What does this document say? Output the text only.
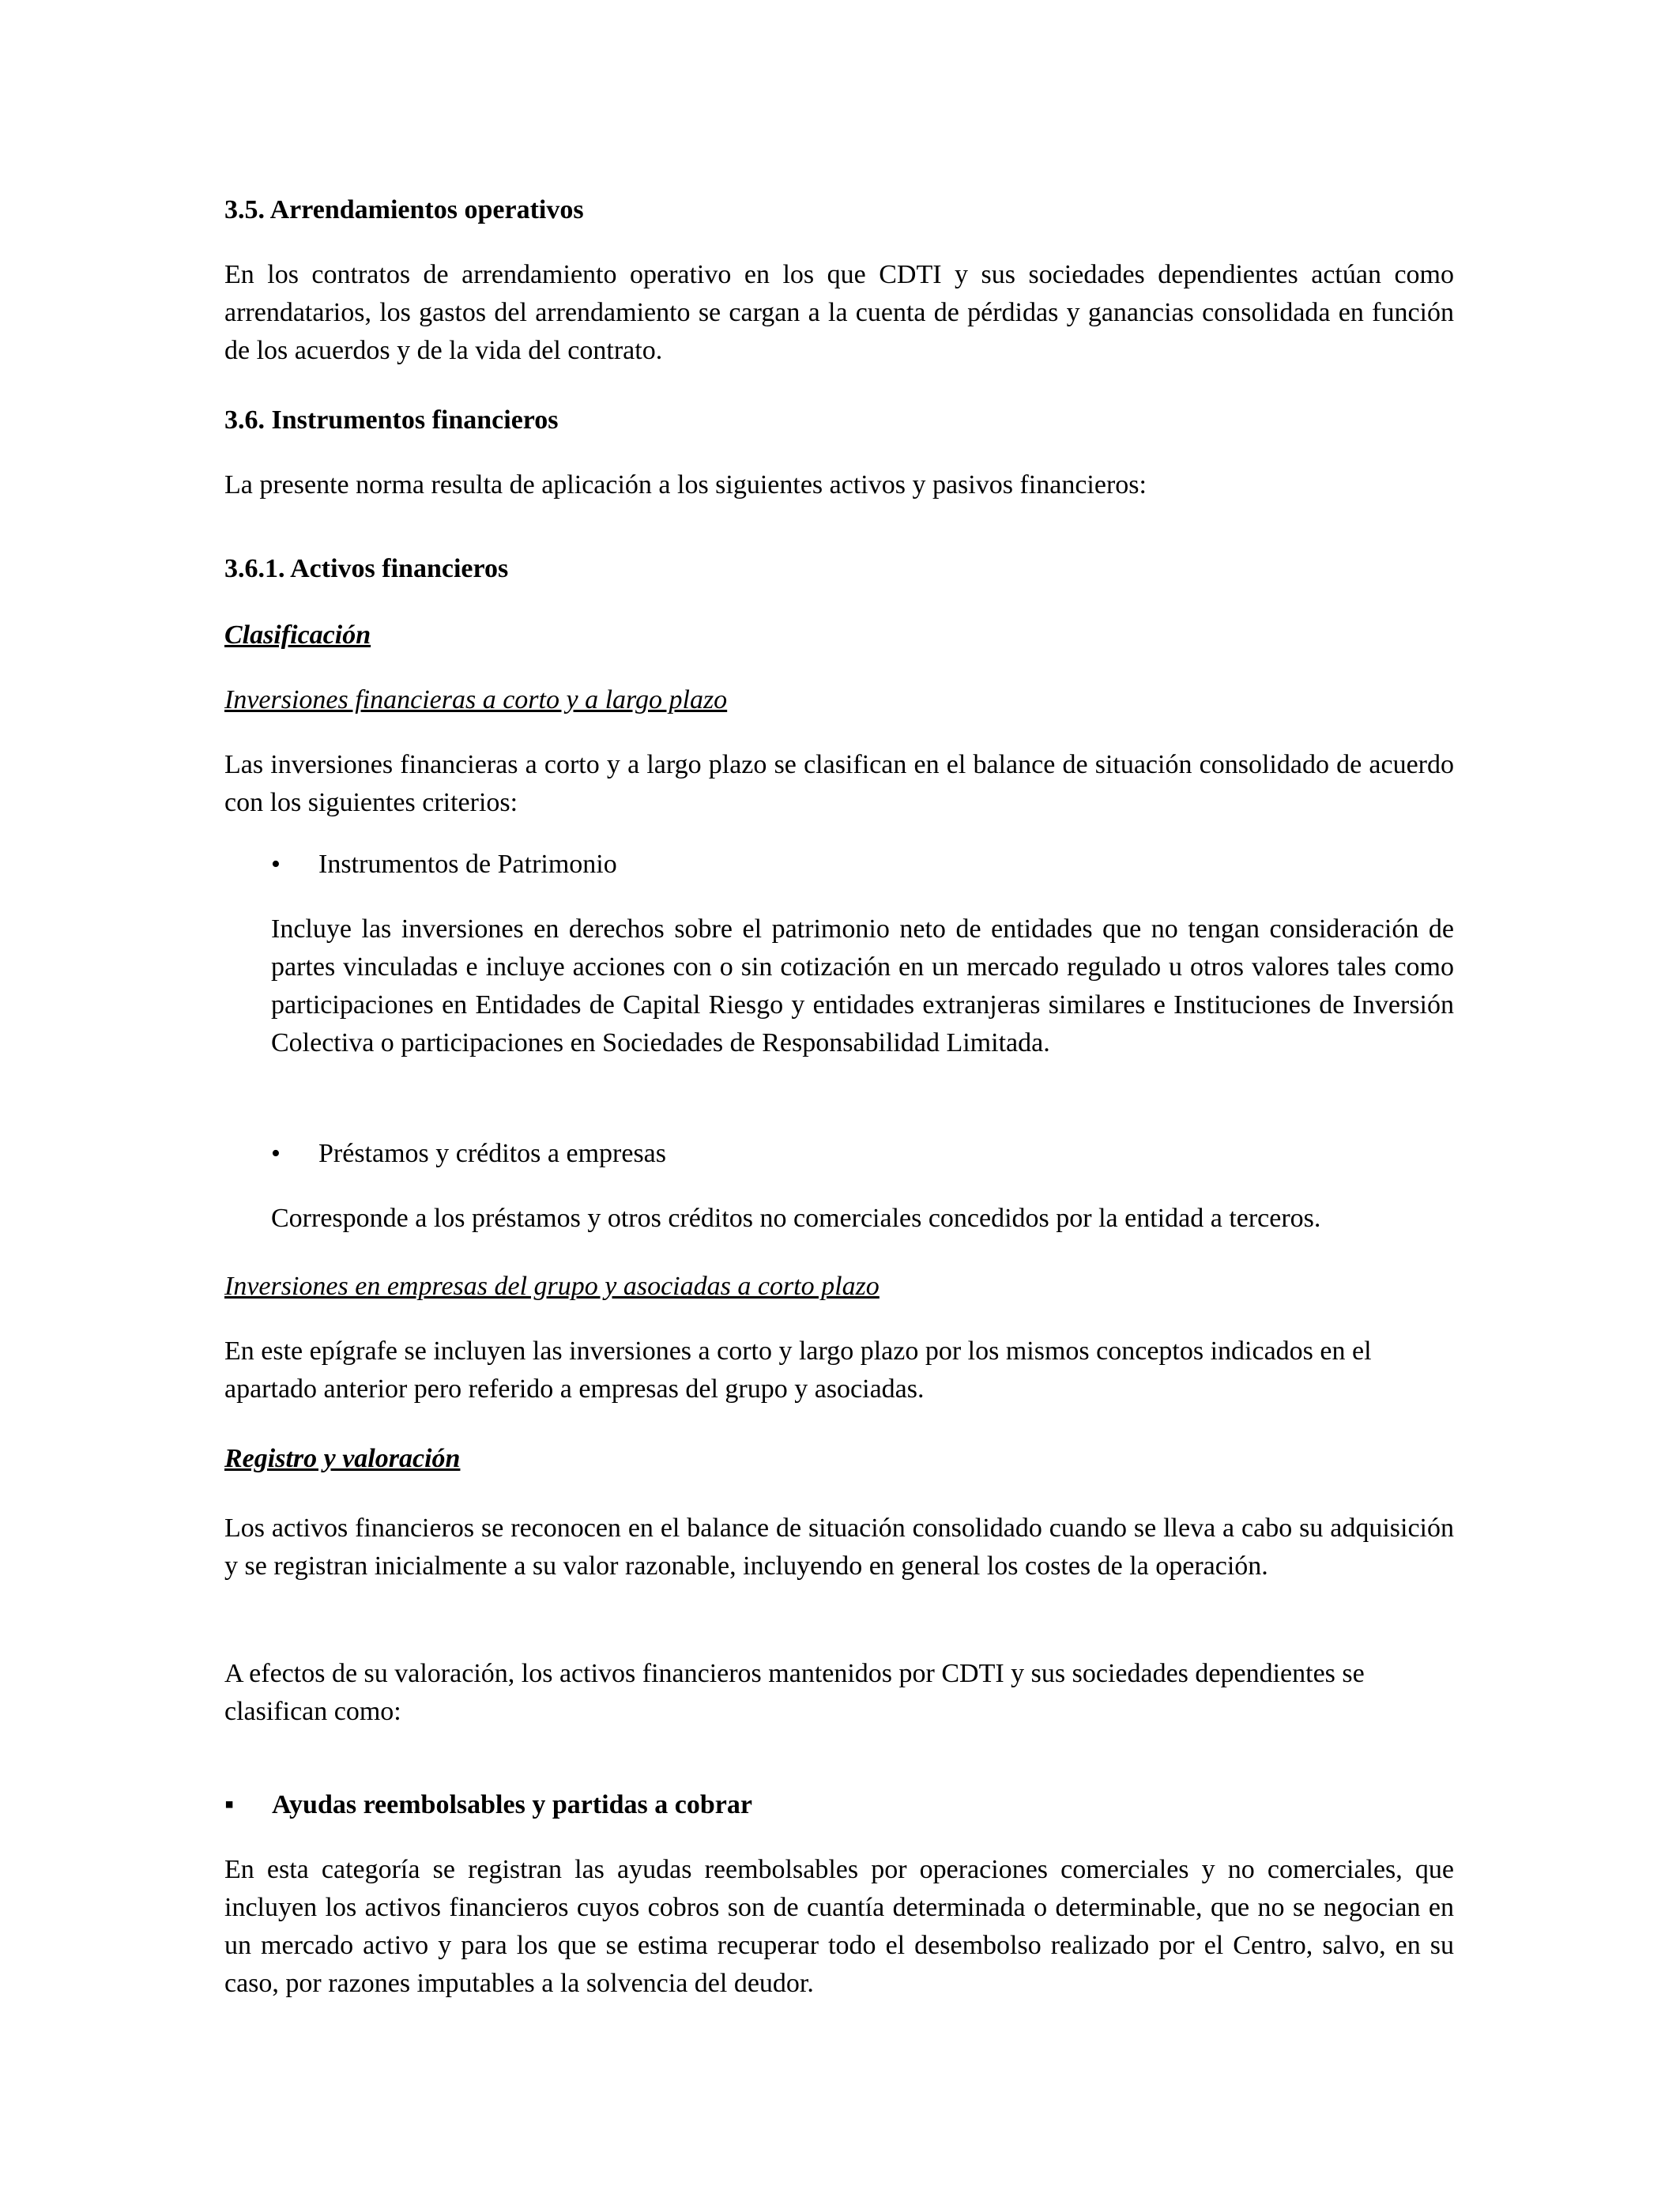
3.5. Arrendamientos operativos

En los contratos de arrendamiento operativo en los que CDTI y sus sociedades dependientes actúan como arrendatarios, los gastos del arrendamiento se cargan a la cuenta de pérdidas y ganancias consolidada en función de los acuerdos y de la vida del contrato.

3.6. Instrumentos financieros

La presente norma resulta de aplicación a los siguientes activos y pasivos financieros:

3.6.1. Activos financieros

Clasificación

Inversiones financieras a corto y a largo plazo

Las inversiones financieras a corto y a largo plazo se clasifican en el balance de situación consolidado de acuerdo con los siguientes criterios:

•	Instrumentos de Patrimonio

Incluye las inversiones en derechos sobre el patrimonio neto de entidades que no tengan consideración de partes vinculadas e incluye acciones con o sin cotización en un mercado regulado u otros valores tales como participaciones en Entidades de Capital Riesgo y entidades extranjeras similares e Instituciones de Inversión Colectiva o participaciones en Sociedades de Responsabilidad Limitada.

•	Préstamos y créditos a empresas

Corresponde a los préstamos y otros créditos no comerciales concedidos por la entidad a terceros.

Inversiones en empresas del grupo y asociadas a corto plazo

En este epígrafe se incluyen las inversiones a corto y largo plazo por los mismos conceptos indicados en el apartado anterior pero referido a empresas del grupo y asociadas.

Registro y valoración

Los activos financieros se reconocen en el balance de situación consolidado cuando se lleva a cabo su adquisición y se registran inicialmente a su valor razonable, incluyendo en general los costes de la operación.

A efectos de su valoración, los activos financieros mantenidos por CDTI y sus sociedades dependientes se clasifican como:

▪	Ayudas reembolsables y partidas a cobrar

En esta categoría se registran las ayudas reembolsables por operaciones comerciales y no comerciales, que incluyen los activos financieros cuyos cobros son de cuantía determinada o determinable, que no se negocian en un mercado activo y para los que se estima recuperar todo el desembolso realizado por el Centro, salvo, en su caso, por razones imputables a la solvencia del deudor.
